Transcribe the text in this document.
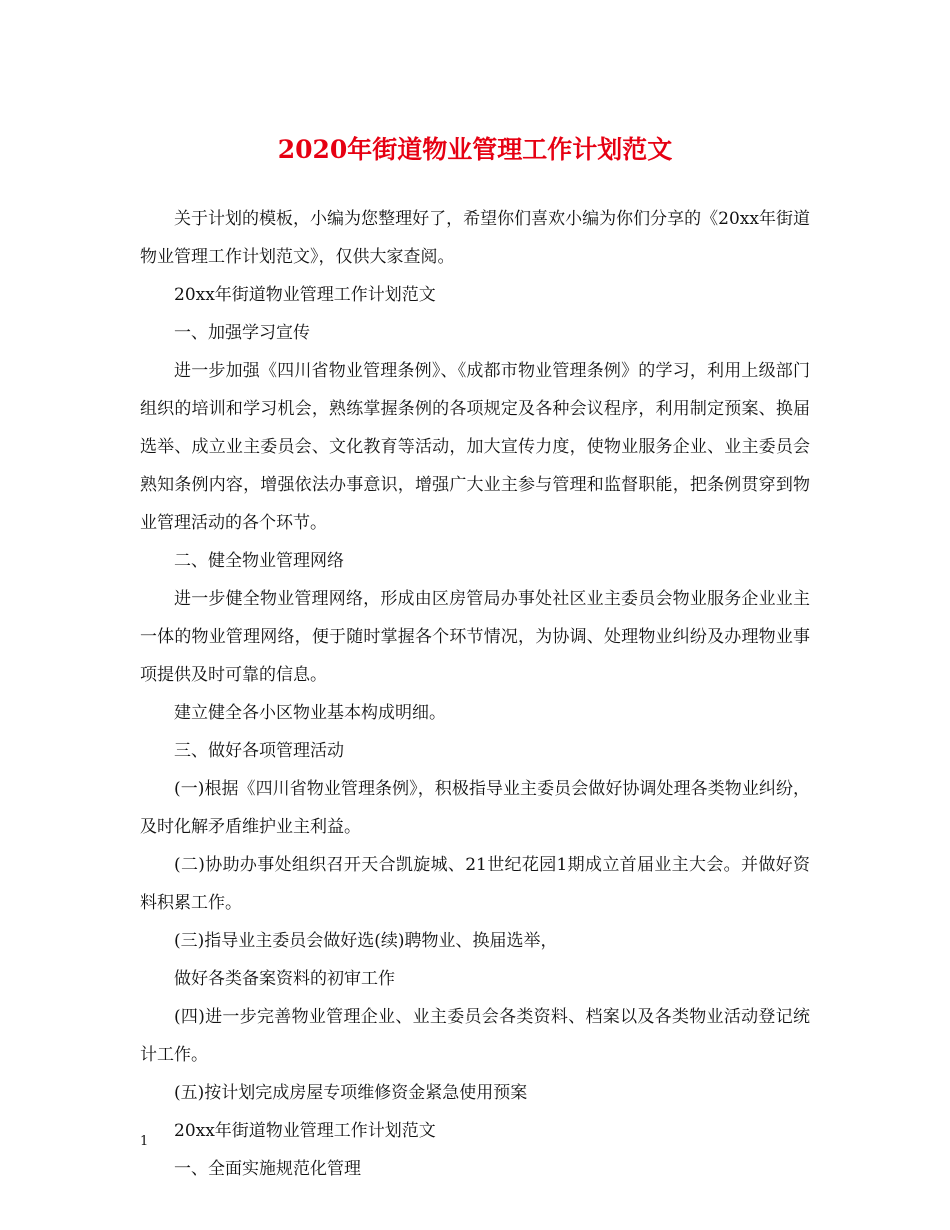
2020年街道物业管理工作计划范文

关于计划的模板，小编为您整理好了，希望你们喜欢小编为你们分享的《20xx年街道物业管理工作计划范文》，仅供大家查阅。

20xx年街道物业管理工作计划范文

一、加强学习宣传

进一步加强《四川省物业管理条例》、《成都市物业管理条例》的学习，利用上级部门组织的培训和学习机会，熟练掌握条例的各项规定及各种会议程序，利用制定预案、换届选举、成立业主委员会、文化教育等活动，加大宣传力度，使物业服务企业、业主委员会熟知条例内容，增强依法办事意识，增强广大业主参与管理和监督职能，把条例贯穿到物业管理活动的各个环节。

二、健全物业管理网络

进一步健全物业管理网络，形成由区房管局办事处社区业主委员会物业服务企业业主一体的物业管理网络，便于随时掌握各个环节情况，为协调、处理物业纠纷及办理物业事项提供及时可靠的信息。

建立健全各小区物业基本构成明细。

三、做好各项管理活动

(一)根据《四川省物业管理条例》，积极指导业主委员会做好协调处理各类物业纠纷，及时化解矛盾维护业主利益。

(二)协助办事处组织召开天合凯旋城、21世纪花园1期成立首届业主大会。并做好资料积累工作。

(三)指导业主委员会做好选(续)聘物业、换届选举，

做好各类备案资料的初审工作

(四)进一步完善物业管理企业、业主委员会各类资料、档案以及各类物业活动登记统计工作。

(五)按计划完成房屋专项维修资金紧急使用预案

20xx年街道物业管理工作计划范文

一、全面实施规范化管理

1
